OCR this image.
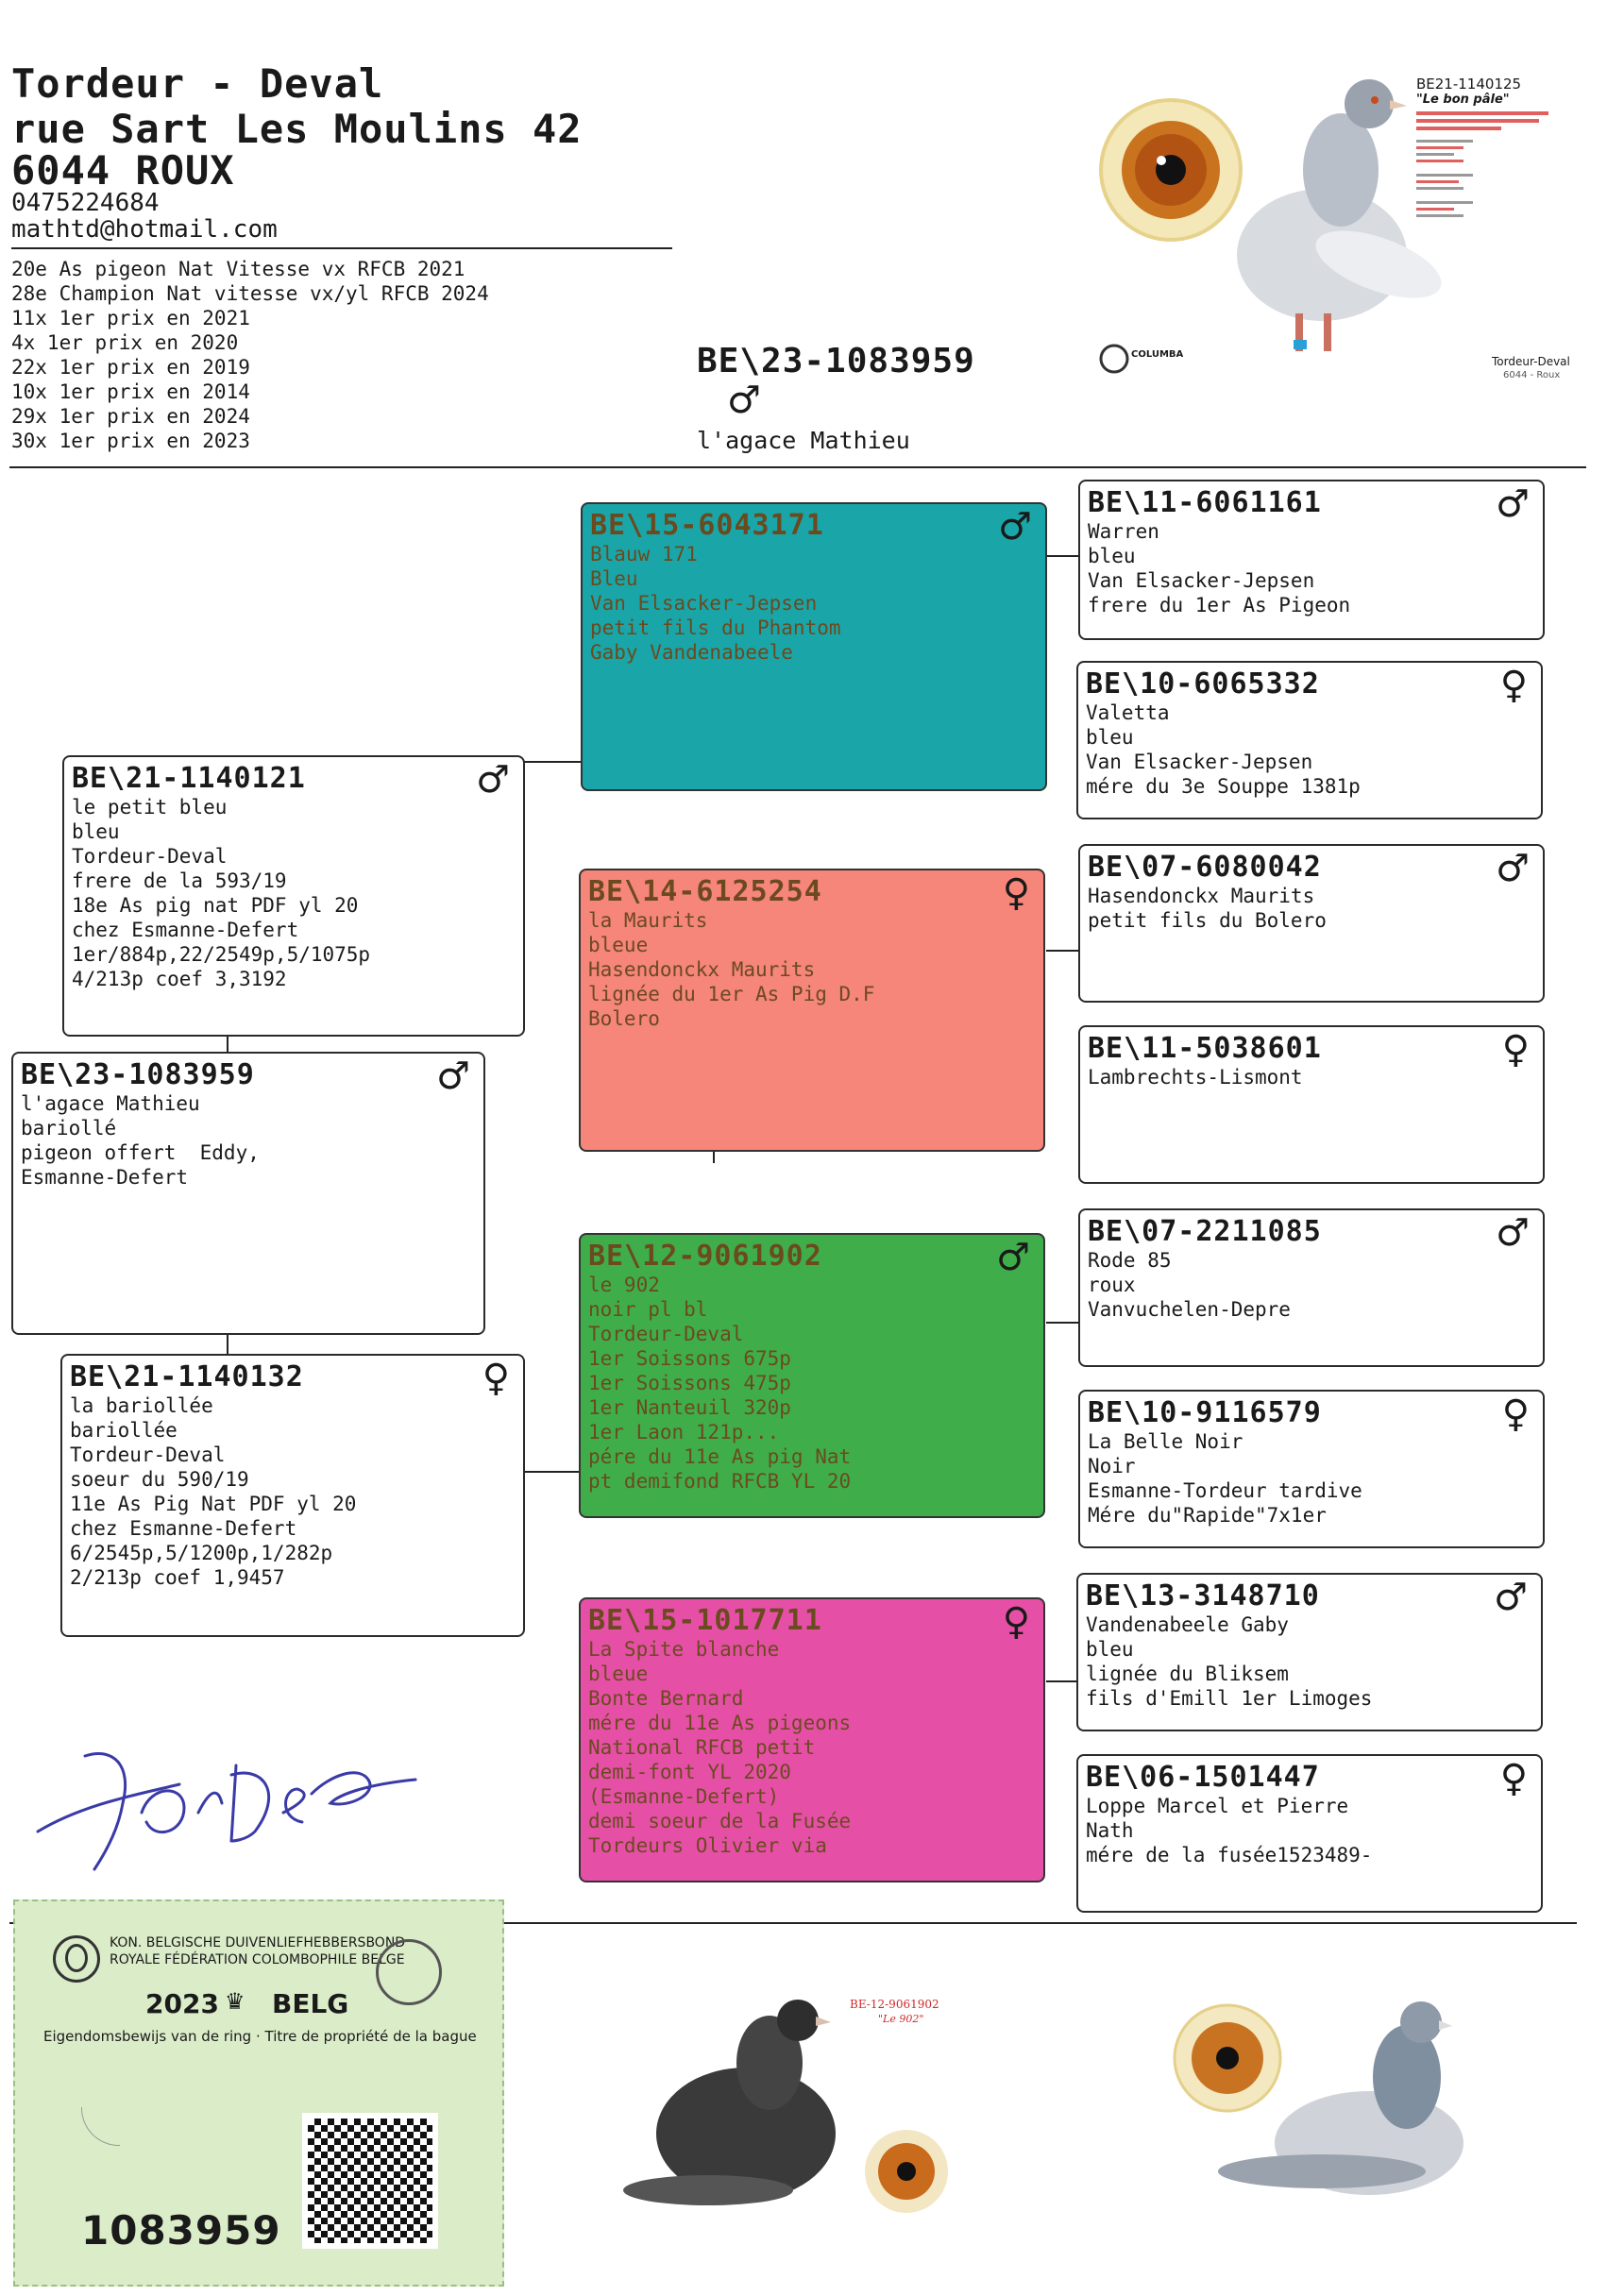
Tordeur - Deval
rue Sart Les Moulins 42
6044 ROUX
0475224684
mathtd@hotmail.com
20e As pigeon Nat Vitesse vx RFCB 2021
28e Champion Nat vitesse vx/yl RFCB 2024
11x 1er prix en 2021
4x 1er prix en 2020
22x 1er prix en 2019
10x 1er prix en 2014
29x 1er prix en 2024
30x 1er prix en 2023
BE\23-1083959
♂
l'agace Mathieu
BE21-1140125
"Le bon pâle"
COLUMBA
Tordeur-Deval
6044 - Roux
BE\23-1083959	♂
l'agace Mathieu
bariollé
pigeon offert  Eddy,
Esmanne-Defert
BE\21-1140121	♂
le petit bleu
bleu
Tordeur-Deval
frere de la 593/19
18e As pig nat PDF yl 20
chez Esmanne-Defert
1er/884p,22/2549p,5/1075p
4/213p coef 3,3192
BE\21-1140132	♀
la bariollée
bariollée
Tordeur-Deval
soeur du 590/19
11e As Pig Nat PDF yl 20
chez Esmanne-Defert
6/2545p,5/1200p,1/282p
2/213p coef 1,9457
BE\15-6043171	♂
Blauw 171
Bleu
Van Elsacker-Jepsen
petit fils du Phantom
Gaby Vandenabeele
BE\14-6125254	♀
la Maurits
bleue
Hasendonckx Maurits
lignée du 1er As Pig D.F
Bolero
BE\12-9061902	♂
le 902
noir pl bl
Tordeur-Deval
1er Soissons 675p
1er Soissons 475p
1er Nanteuil 320p
1er Laon 121p...
pére du 11e As pig Nat
pt demifond RFCB YL 20
BE\15-1017711	♀
La Spite blanche
bleue
Bonte Bernard
mére du 11e As pigeons
National RFCB petit
demi-font YL 2020
(Esmanne-Defert)
demi soeur de la Fusée
Tordeurs Olivier via
BE\11-6061161	♂
Warren
bleu
Van Elsacker-Jepsen
frere du 1er As Pigeon
BE\10-6065332	♀
Valetta
bleu
Van Elsacker-Jepsen
mére du 3e Souppe 1381p
BE\07-6080042	♂
Hasendonckx Maurits
petit fils du Bolero
BE\11-5038601	♀
Lambrechts-Lismont
BE\07-2211085	♂
Rode 85
roux
Vanvuchelen-Depre
BE\10-9116579	♀
La Belle Noir
Noir
Esmanne-Tordeur tardive
Mére du"Rapide"7x1er
BE\13-3148710	♂
Vandenabeele Gaby
bleu
lignée du Bliksem
fils d'Emill 1er Limoges
BE\06-1501447	♀
Loppe Marcel et Pierre
Nath
mére de la fusée1523489-
KON. BELGISCHE DUIVENLIEFHEBBERSBOND
ROYALE FÉDÉRATION COLOMBOPHILE BELGE
2023 ♛ BELG
Eigendomsbewijs van de ring · Titre de propriété de la bague
1083959
BE-12-9061902
"Le 902"
